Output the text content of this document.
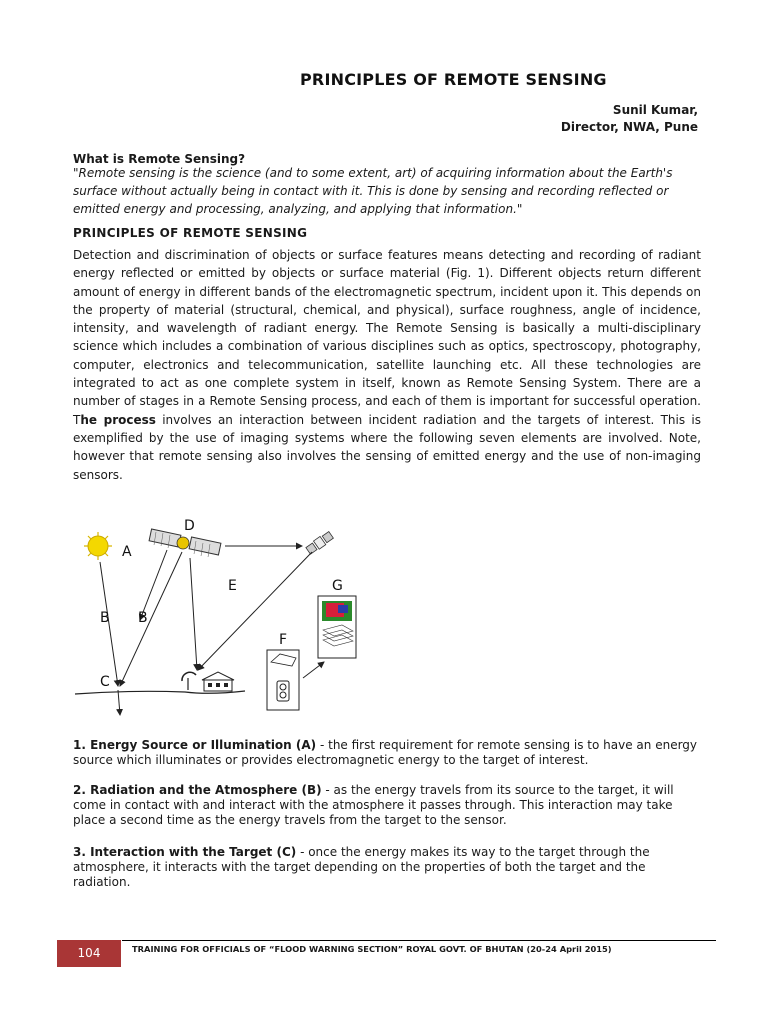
PRINCIPLES OF REMOTE SENSING
Sunil Kumar,
Director, NWA, Pune
What is Remote Sensing?
"Remote sensing is the science (and to some extent, art) of acquiring information about the Earth's surface without actually being in contact with it. This is done by sensing and recording reflected or emitted energy and processing, analyzing, and applying that information."
PRINCIPLES OF REMOTE SENSING
Detection and discrimination of objects or surface features means detecting and recording of radiant energy reflected or emitted by objects or surface material (Fig. 1). Different objects return different amount of energy in different bands of the electromagnetic spectrum, incident upon it. This depends on the property of material (structural, chemical, and physical), surface roughness, angle of incidence, intensity, and wavelength of radiant energy. The Remote Sensing is basically a multi-disciplinary science which includes a combination of various disciplines such as optics, spectroscopy, photography, computer, electronics and telecommunication, satellite launching etc. All these technologies are integrated to act as one complete system in itself, known as Remote Sensing System. There are a number of stages in a Remote Sensing process, and each of them is important for successful operation. The process involves an interaction between incident radiation and the targets of interest. This is exemplified by the use of imaging systems where the following seven elements are involved. Note, however that remote sensing also involves the sensing of emitted energy and the use of non-imaging sensors.
A
B B
C
D
E
F
G
1. Energy Source or Illumination (A) - the first requirement for remote sensing is to have an energy source which illuminates or provides electromagnetic energy to the target of interest.
2. Radiation and the Atmosphere (B) - as the energy travels from its source to the target, it will come in contact with and interact with the atmosphere it passes through. This interaction may take place a second time as the energy travels from the target to the sensor.
3. Interaction with the Target (C) - once the energy makes its way to the target through the atmosphere, it interacts with the target depending on the properties of both the target and the radiation.
104	TRAINING FOR OFFICIALS OF “FLOOD WARNING SECTION” ROYAL GOVT. OF BHUTAN (20-24 April 2015)
